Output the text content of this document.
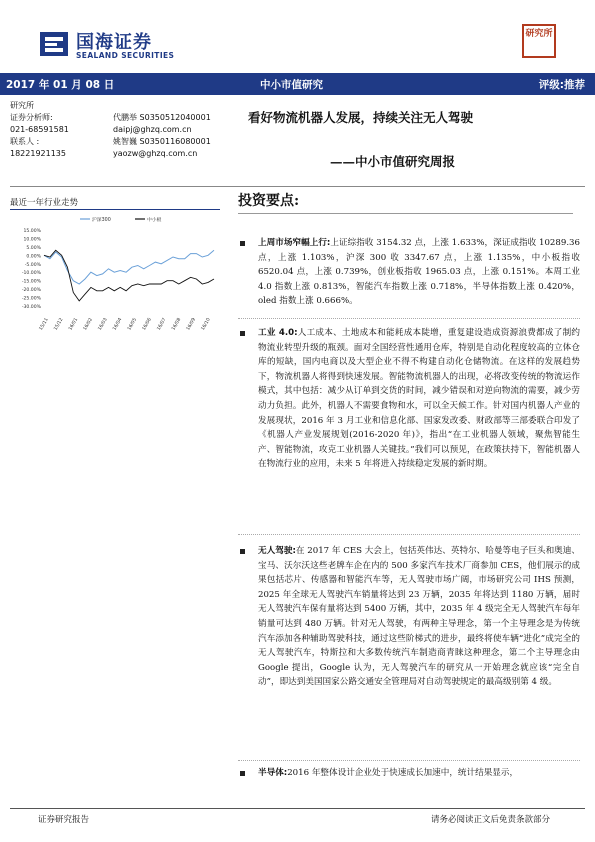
国海证券
SEALAND SECURITIES
研究所
2017 年 01 月 08 日	中小市值研究	评级:推荐
研究所
证券分析师:	代鹏举 S0350512040001
021-68591581	daipj@ghzq.com.cn
联系人 :	姚智巍 S0350116080001
18221921135	yaozw@ghzq.com.cn
看好物流机器人发展，持续关注无人驾驶
——中小市值研究周报
最近一年行业走势
15.00%
10.00%
5.00%
0.00%
-5.00%
-10.00%
-15.00%
-20.00%
-25.00%
-30.00%
15/11 15/12 16/01 16/02 16/03 16/04 16/05 16/06 16/07 16/08 16/09 16/10
沪深300	中小板
投资要点:
上周市场窄幅上行:上证综指收 3154.32 点，上涨 1.633%，深证成指收 10289.36 点，上涨 1.103%，沪深 300 收 3347.67 点，上涨 1.135%，中小板指收 6520.04 点，上涨 0.739%，创业板指收 1965.03 点，上涨 0.151%。本周工业 4.0 指数上涨 0.813%，智能汽车指数上涨 0.718%，半导体指数上涨 0.420%，oled 指数上涨 0.666%。
工业 4.0:人工成本、土地成本和能耗成本陡增，重复建设造成资源浪费都成了制约物流业转型升级的瓶颈。面对全国经营性通用仓库，特别是自动化程度较高的立体仓库的短缺，国内电商以及大型企业不得不构建自动化仓储物流。在这样的发展趋势下，物流机器人将得到快速发展。智能物流机器人的出现，必将改变传统的物流运作模式，其中包括：减少从订单到交货的时间，减少错误和对逆向物流的需要，减少劳动力负担。此外，机器人不需要食物和水，可以全天候工作。针对国内机器人产业的发展现状，2016 年 3 月工业和信息化部、国家发改委、财政部等三部委联合印发了《机器人产业发展规划(2016-2020 年)》，指出“在工业机器人领域，聚焦智能生产、智能物流，攻克工业机器人关键技。”我们可以预见，在政策扶持下，智能机器人在物流行业的应用，未来 5 年将进入持续稳定发展的新时期。
无人驾驶:在 2017 年 CES 大会上，包括英伟达、英特尔、哈曼等电子巨头和奥迪、宝马、沃尔沃这些老牌车企在内的 500 多家汽车技术厂商参加 CES，他们展示的成果包括芯片、传感器和智能汽车等，无人驾驶市场广阔，市场研究公司 IHS 预测，2025 年全球无人驾驶汽车销量将达到 23 万辆，2035 年将达到 1180 万辆，届时无人驾驶汽车保有量将达到 5400 万辆，其中，2035 年 4 级完全无人驾驶汽车每年销量可达到 480 万辆。针对无人驾驶，有两种主导理念，第一个主导理念是为传统汽车添加各种辅助驾驶科技，通过这些阶梯式的进步，最终将使车辆“进化”成完全的无人驾驶汽车，特斯拉和大多数传统汽车制造商青睐这种理念，第二个主导理念由 Google 提出，Google 认为，无人驾驶汽车的研究从一开始理念就应该“完全自动”，即达到美国国家公路交通安全管理局对自动驾驶规定的最高级别第 4 级。
半导体:2016 年整体设计企业处于快速成长加速中，统计结果显示，
证券研究报告	请务必阅读正文后免责条款部分
